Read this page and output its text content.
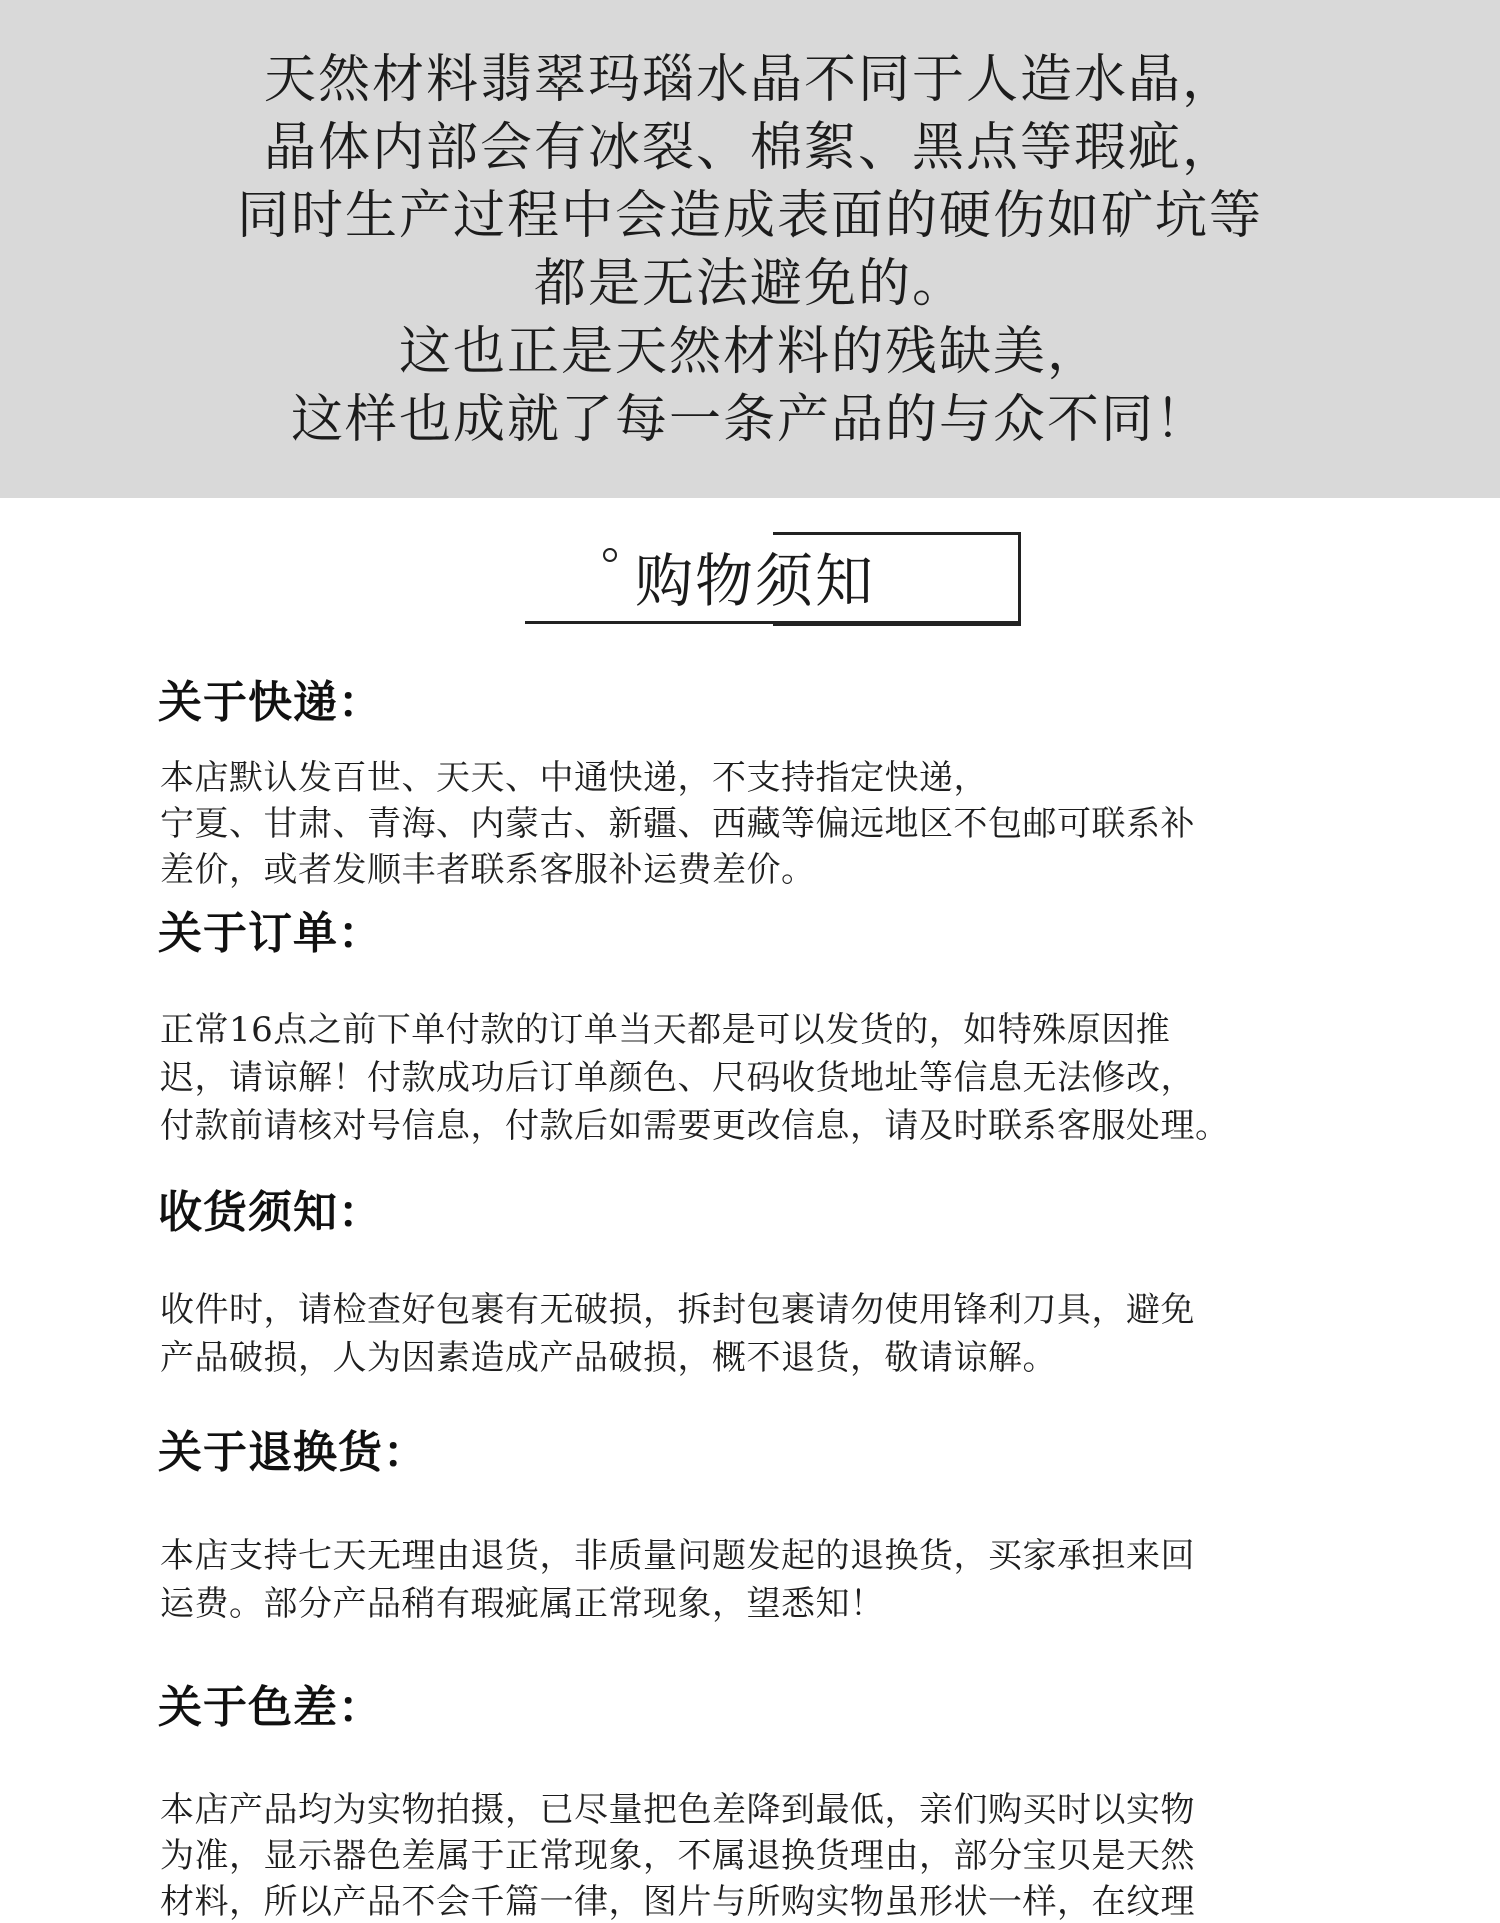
天然材料翡翠玛瑙水晶不同于人造水晶，
晶体内部会有冰裂、棉絮、黑点等瑕疵，
同时生产过程中会造成表面的硬伤如矿坑等
都是无法避免的。
这也正是天然材料的残缺美，
这样也成就了每一条产品的与众不同！
购物须知
关于快递：
本店默认发百世、天天、中通快递，不支持指定快递，
宁夏、甘肃、青海、内蒙古、新疆、西藏等偏远地区不包邮可联系补
差价，或者发顺丰者联系客服补运费差价。
关于订单：
正常16点之前下单付款的订单当天都是可以发货的，如特殊原因推
迟，请谅解！付款成功后订单颜色、尺码收货地址等信息无法修改，
付款前请核对号信息，付款后如需要更改信息，请及时联系客服处理。
收货须知：
收件时，请检查好包裹有无破损，拆封包裹请勿使用锋利刀具，避免
产品破损，人为因素造成产品破损，概不退货，敬请谅解。
关于退换货：
本店支持七天无理由退货，非质量问题发起的退换货，买家承担来回
运费。部分产品稍有瑕疵属正常现象，望悉知！
关于色差：
本店产品均为实物拍摄，已尽量把色差降到最低，亲们购买时以实物
为准，显示器色差属于正常现象，不属退换货理由，部分宝贝是天然
材料，所以产品不会千篇一律，图片与所购实物虽形状一样，在纹理
